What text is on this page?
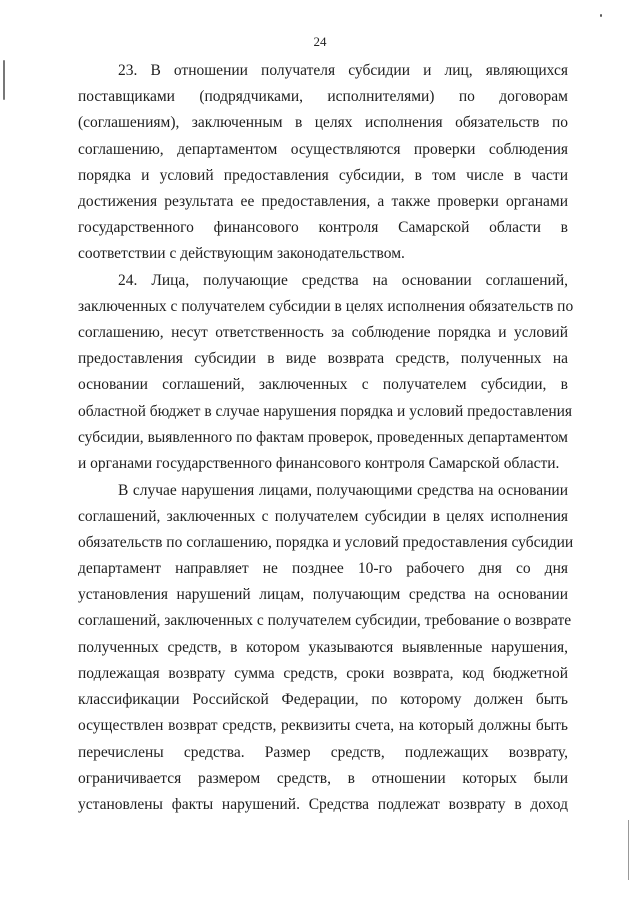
24
23. В отношении получателя субсидии и лиц, являющихся
поставщиками (подрядчиками, исполнителями) по договорам
(соглашениям), заключенным в целях исполнения обязательств по
соглашению, департаментом осуществляются проверки соблюдения
порядка и условий предоставления субсидии, в том числе в части
достижения результата ее предоставления, а также проверки органами
государственного финансового контроля Самарской области в
соответствии с действующим законодательством.
24. Лица, получающие средства на основании соглашений,
заключенных с получателем субсидии в целях исполнения обязательств по
соглашению, несут ответственность за соблюдение порядка и условий
предоставления субсидии в виде возврата средств, полученных на
основании соглашений, заключенных с получателем субсидии, в
областной бюджет в случае нарушения порядка и условий предоставления
субсидии, выявленного по фактам проверок, проведенных департаментом
и органами государственного финансового контроля Самарской области.
В случае нарушения лицами, получающими средства на основании
соглашений, заключенных с получателем субсидии в целях исполнения
обязательств по соглашению, порядка и условий предоставления субсидии
департамент направляет не позднее 10-го рабочего дня со дня
установления нарушений лицам, получающим средства на основании
соглашений, заключенных с получателем субсидии, требование о возврате
полученных средств, в котором указываются выявленные нарушения,
подлежащая возврату сумма средств, сроки возврата, код бюджетной
классификации Российской Федерации, по которому должен быть
осуществлен возврат средств, реквизиты счета, на который должны быть
перечислены средства. Размер средств, подлежащих возврату,
ограничивается размером средств, в отношении которых были
установлены факты нарушений. Средства подлежат возврату в доход
